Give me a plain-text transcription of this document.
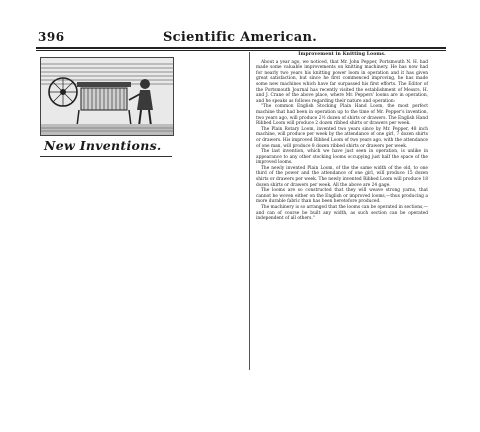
396	Scientific American.
New Inventions.
Improvement in Knitting Looms.

About a year ago, we noticed, that Mr. John Pepper, Portsmouth N. H. had made some valuable improvements on knitting machinery. He has now had for nearly two years his knitting power loom in operation and it has given great satisfaction, but since he first commenced improving, he has made some new machines which have far surpassed his first efforts. The Editor of the Portsmouth Journal has recently visited the establishment of Messrs. H. and J. Crane of the above place, where Mr. Peppers' looms are in operation, and he speaks as follows regarding their nature and operation:

"The common English Stocking Plain Hand Loom, the most perfect machine that had been in operation up to the time of Mr. Pepper's invention, two years ago, will produce 2½ dozen of shirts or drawers. The English Hand Ribbed Loom will produce 2 dozen ribbed shirts or drawers per week.

The Plain Rotary Loom, invented two years since by Mr. Pepper, 48 inch machine, will produce per week by the attendance of one girl, 7 dozen shirts or drawers. His improved Ribbed Loom of two years ago, with the attendance of one man, will produce 8 dozen ribbed shirts or drawers per week.

The last invention, which we have just seen in operation, is unlike in appearance to any other stocking looms occupying just half the space of the improved looms.

The newly invented Plain Loom, of the the same width of the old, to one third of the power and the attendance of one girl, will produce 15 dozen shirts or drawers per week. The newly invented Ribbed Loom will produce 18 dozen shirts or drawers per week. All the above are 24 gage.

The looms are so constructed that they will weave strong yarns, that cannot be woven either on the English or improved looms,—thus producing a more durable fabric than has been heretofore produced.

The machinery is so arranged that the looms can be operated in sections,—and can of course be built any width, as such section can be operated independent of all others."
